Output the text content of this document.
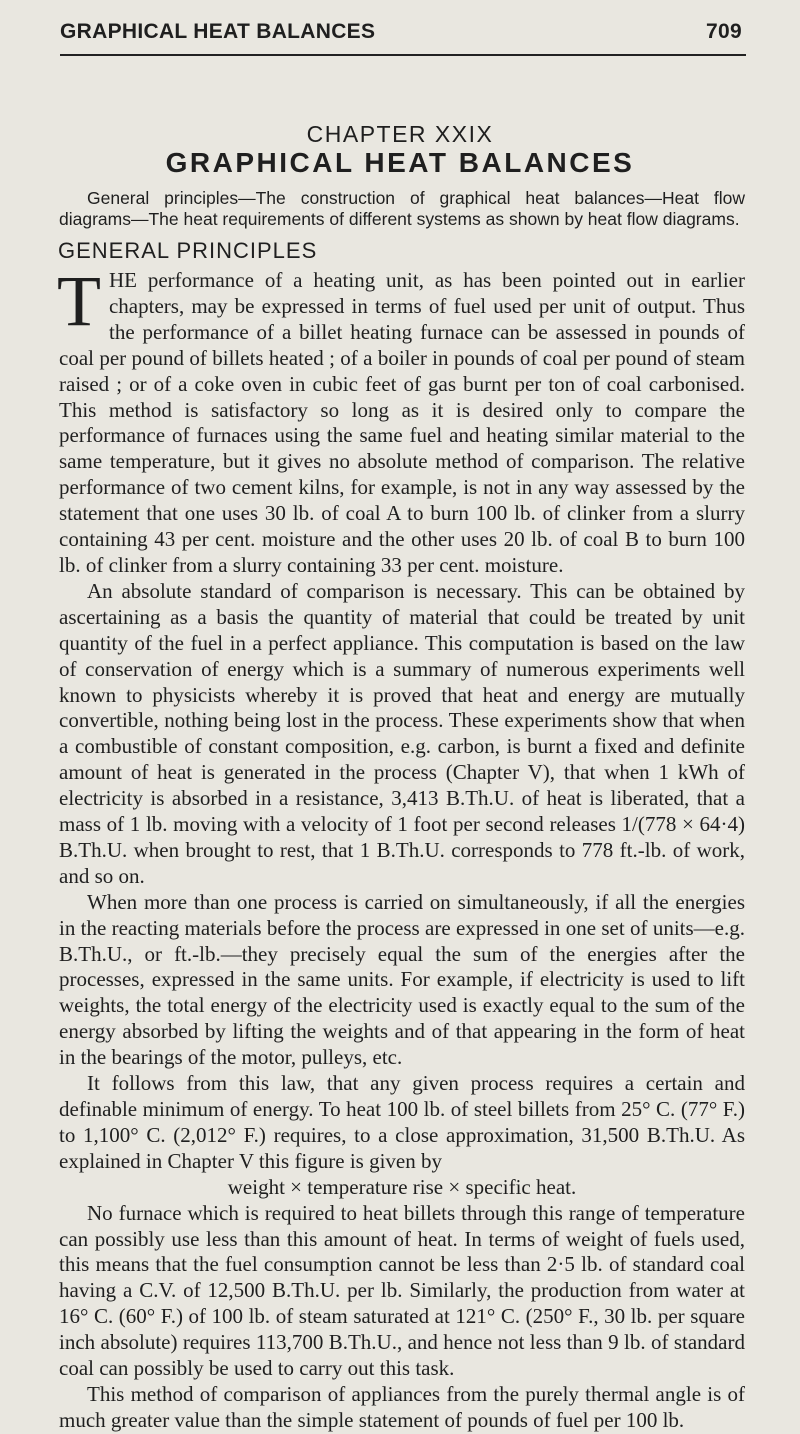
GRAPHICAL HEAT BALANCES	709
CHAPTER XXIX
GRAPHICAL HEAT BALANCES
General principles—The construction of graphical heat balances—Heat flow diagrams—The heat requirements of different systems as shown by heat flow diagrams.
GENERAL PRINCIPLES

THE performance of a heating unit, as has been pointed out in earlier chapters, may be expressed in terms of fuel used per unit of output. Thus the performance of a billet heating furnace can be assessed in pounds of coal per pound of billets heated ; of a boiler in pounds of coal per pound of steam raised ; or of a coke oven in cubic feet of gas burnt per ton of coal carbonised. This method is satisfactory so long as it is desired only to compare the performance of furnaces using the same fuel and heating similar material to the same temperature, but it gives no absolute method of comparison. The relative performance of two cement kilns, for example, is not in any way assessed by the statement that one uses 30 lb. of coal A to burn 100 lb. of clinker from a slurry containing 43 per cent. moisture and the other uses 20 lb. of coal B to burn 100 lb. of clinker from a slurry containing 33 per cent. moisture.

An absolute standard of comparison is necessary. This can be obtained by ascertaining as a basis the quantity of material that could be treated by unit quantity of the fuel in a perfect appliance. This computation is based on the law of conservation of energy which is a summary of numerous experiments well known to physicists whereby it is proved that heat and energy are mutually convertible, nothing being lost in the process. These experiments show that when a combustible of constant composition, e.g. carbon, is burnt a fixed and definite amount of heat is generated in the process (Chapter V), that when 1 kWh of electricity is absorbed in a resistance, 3,413 B.Th.U. of heat is liberated, that a mass of 1 lb. moving with a velocity of 1 foot per second releases 1/(778 × 64·4) B.Th.U. when brought to rest, that 1 B.Th.U. corresponds to 778 ft.-lb. of work, and so on.

When more than one process is carried on simultaneously, if all the energies in the reacting materials before the process are expressed in one set of units—e.g. B.Th.U., or ft.-lb.—they precisely equal the sum of the energies after the processes, expressed in the same units. For example, if electricity is used to lift weights, the total energy of the electricity used is exactly equal to the sum of the energy absorbed by lifting the weights and of that appearing in the form of heat in the bearings of the motor, pulleys, etc.

It follows from this law, that any given process requires a certain and definable minimum of energy. To heat 100 lb. of steel billets from 25° C. (77° F.) to 1,100° C. (2,012° F.) requires, to a close approximation, 31,500 B.Th.U. As explained in Chapter V this figure is given by

weight × temperature rise × specific heat.

No furnace which is required to heat billets through this range of temperature can possibly use less than this amount of heat. In terms of weight of fuels used, this means that the fuel consumption cannot be less than 2·5 lb. of standard coal having a C.V. of 12,500 B.Th.U. per lb. Similarly, the production from water at 16° C. (60° F.) of 100 lb. of steam saturated at 121° C. (250° F., 30 lb. per square inch absolute) requires 113,700 B.Th.U., and hence not less than 9 lb. of standard coal can possibly be used to carry out this task.

This method of comparison of appliances from the purely thermal angle is of much greater value than the simple statement of pounds of fuel per 100 lb.
